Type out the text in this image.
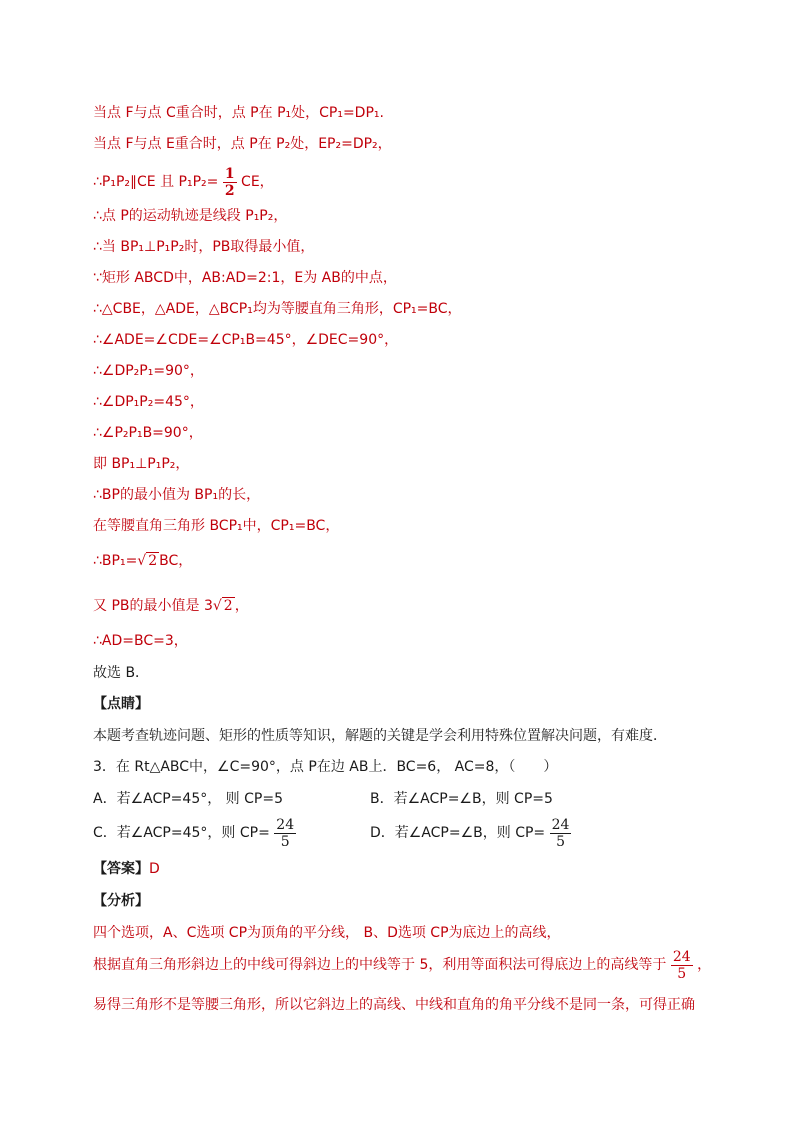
当点 F与点 C重合时，点 P在 P₁处，CP₁=DP₁.
当点 F与点 E重合时，点 P在 P₂处，EP₂=DP₂，
∴P₁P₂∥CE 且 $P_1P_2= \frac{1}{2}$ CE，
∴点 P的运动轨迹是线段 P₁P₂，
∴当 BP₁⊥P₁P₂时，PB取得最小值，
∵矩形 ABCD中，AB:AD=2:1，E为 AB的中点，
∴△CBE，△ADE，△BCP₁均为等腰直角三角形，CP₁=BC，
∴∠ADE=∠CDE=∠CP₁B=45°，∠DEC=90°，
∴∠DP₂P₁=90°，
∴∠DP₁P₂=45°，
∴∠P₂P₁B=90°，
即 BP₁⊥P₁P₂，
∴BP的最小值为 BP₁的长，
在等腰直角三角形 BCP₁中，CP₁=BC，
∴BP₁=√ 2 BC，
又 PB的最小值是 3√ 2 ，
∴AD=BC=3，
故选 B．
【点睛】
本题考查轨迹问题、矩形的性质等知识，解题的关键是学会利用特殊位置解决问题，有难度．
3．在 Rt△ABC中，∠C=90°，点 P在边 AB上．BC=6， AC=8，（　　）
A．若∠ACP=45°， 则 CP=5	B．若∠ACP=∠B，则 CP=5
C．若∠ACP=45°，则 $CP= \frac{24}{5}$	D．若∠ACP=∠B，则 $CP= \frac{24}{5}$
【答案】D
【分析】
四个选项，A、C选项 CP为顶角的平分线， B、D选项 CP为底边上的高线，
根据直角三角形斜边上的中线可得斜边上的中线等于 5，利用等面积法可得底边上的高线等于 $\frac{24}{5}$ ，
易得三角形不是等腰三角形，所以它斜边上的高线、中线和直角的角平分线不是同一条，可得正确
